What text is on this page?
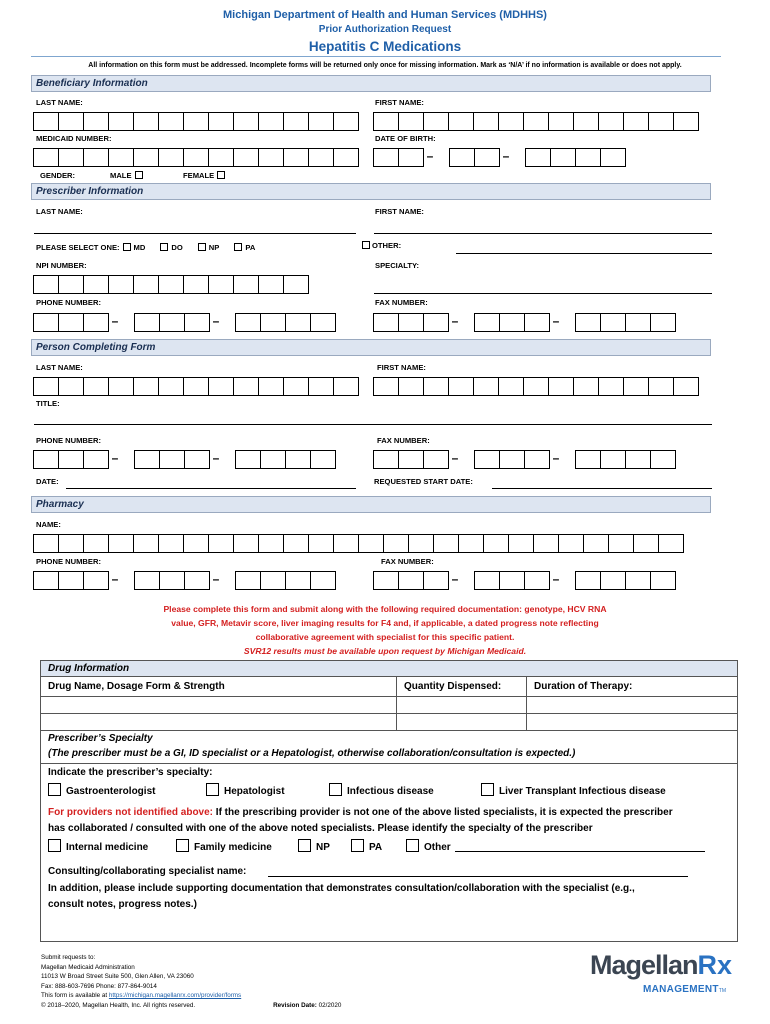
Michigan Department of Health and Human Services (MDHHS)
Prior Authorization Request
Hepatitis C Medications
All information on this form must be addressed. Incomplete forms will be returned only once for missing information. Mark as ‘N/A’ if no information is available or does not apply.
Beneficiary Information
LAST NAME:	FIRST NAME:
MEDICAID NUMBER:	DATE OF BIRTH:
–	–
GENDER:	MALE	FEMALE
Prescriber Information
LAST NAME:	FIRST NAME:
PLEASE SELECT ONE: MD	DO	NP	PA	OTHER:
NPI NUMBER:	SPECIALTY:
PHONE NUMBER:	FAX NUMBER:
–	–	–	–
Person Completing Form
LAST NAME:	FIRST NAME:
TITLE:
PHONE NUMBER:	FAX NUMBER:
–	–	–	–
DATE:	REQUESTED START DATE:
Pharmacy
NAME:
PHONE NUMBER:	FAX NUMBER:
–	–	–	–
Please complete this form and submit along with the following required documentation: genotype, HCV RNA
value, GFR, Metavir score, liver imaging results for F4 and, if applicable, a dated progress note reflecting
collaborative agreement with specialist for this specific patient.
SVR12 results must be available upon request by Michigan Medicaid.
Drug Information
Drug Name, Dosage Form & Strength	Quantity Dispensed:	Duration of Therapy:
Prescriber’s Specialty
(The prescriber must be a GI, ID specialist or a Hepatologist, otherwise collaboration/consultation is expected.)
Indicate the prescriber’s specialty:
Gastroenterologist	Hepatologist	Infectious disease	Liver Transplant Infectious disease
For providers not identified above: If the prescribing provider is not one of the above listed specialists, it is expected the prescriber
has collaborated / consulted with one of the above noted specialists. Please identify the specialty of the prescriber
Internal medicine	Family medicine	NP	PA	Other
Consulting/collaborating specialist name:
In addition, please include supporting documentation that demonstrates consultation/collaboration with the specialist (e.g.,
consult notes, progress notes.)
Submit requests to:
Magellan Medicaid Administration
11013 W Broad Street Suite 500, Glen Allen, VA 23060
Fax: 888-603-7696 Phone: 877-864-9014
This form is available at https://michigan.magellanrx.com/provider/forms
© 2018–2020, Magellan Health, Inc. All rights reserved.	Revision Date: 02/2020
MagellanRx
MANAGEMENTTM
